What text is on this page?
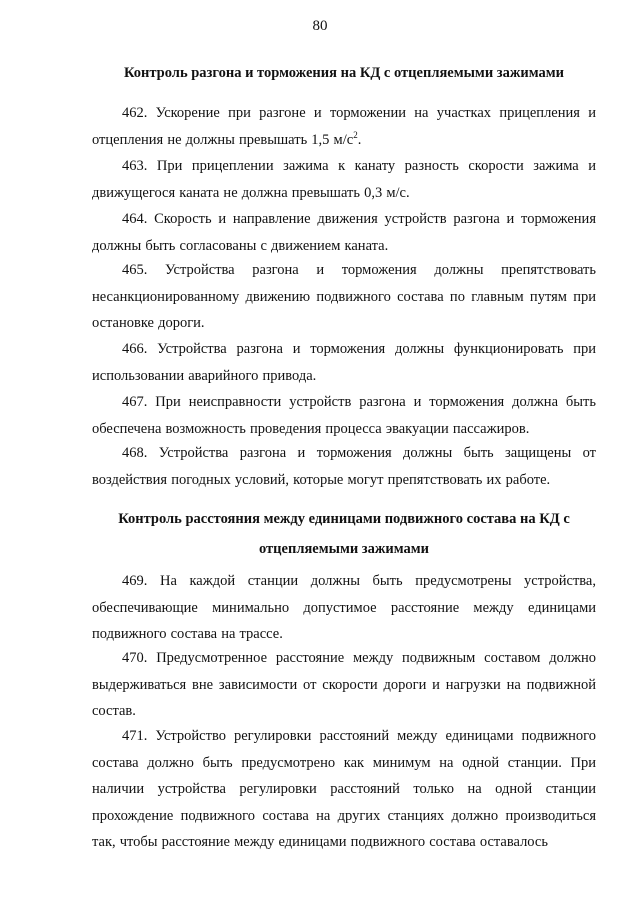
80
Контроль разгона и торможения на КД с отцепляемыми зажимами
462. Ускорение при разгоне и торможении на участках прицепления и отцепления не должны превышать 1,5 $м/с^2$.
463. При прицеплении зажима к канату разность скорости зажима и движущегося каната не должна превышать 0,3 м/с.
464. Скорость и направление движения устройств разгона и торможения должны быть согласованы с движением каната.
465. Устройства разгона и торможения должны препятствовать несанкционированному движению подвижного состава по главным путям при остановке дороги.
466. Устройства разгона и торможения должны функционировать при использовании аварийного привода.
467. При неисправности устройств разгона и торможения должна быть обеспечена возможность проведения процесса эвакуации пассажиров.
468. Устройства разгона и торможения должны быть защищены от воздействия погодных условий, которые могут препятствовать их работе.
Контроль расстояния между единицами подвижного состава на КД с отцепляемыми зажимами
469. На каждой станции должны быть предусмотрены устройства, обеспечивающие минимально допустимое расстояние между единицами подвижного состава на трассе.
470. Предусмотренное расстояние между подвижным составом должно выдерживаться вне зависимости от скорости дороги и нагрузки на подвижной состав.
471. Устройство регулировки расстояний между единицами подвижного состава должно быть предусмотрено как минимум на одной станции. При наличии устройства регулировки расстояний только на одной станции прохождение подвижного состава на других станциях должно производиться так, чтобы расстояние между единицами подвижного состава оставалось
